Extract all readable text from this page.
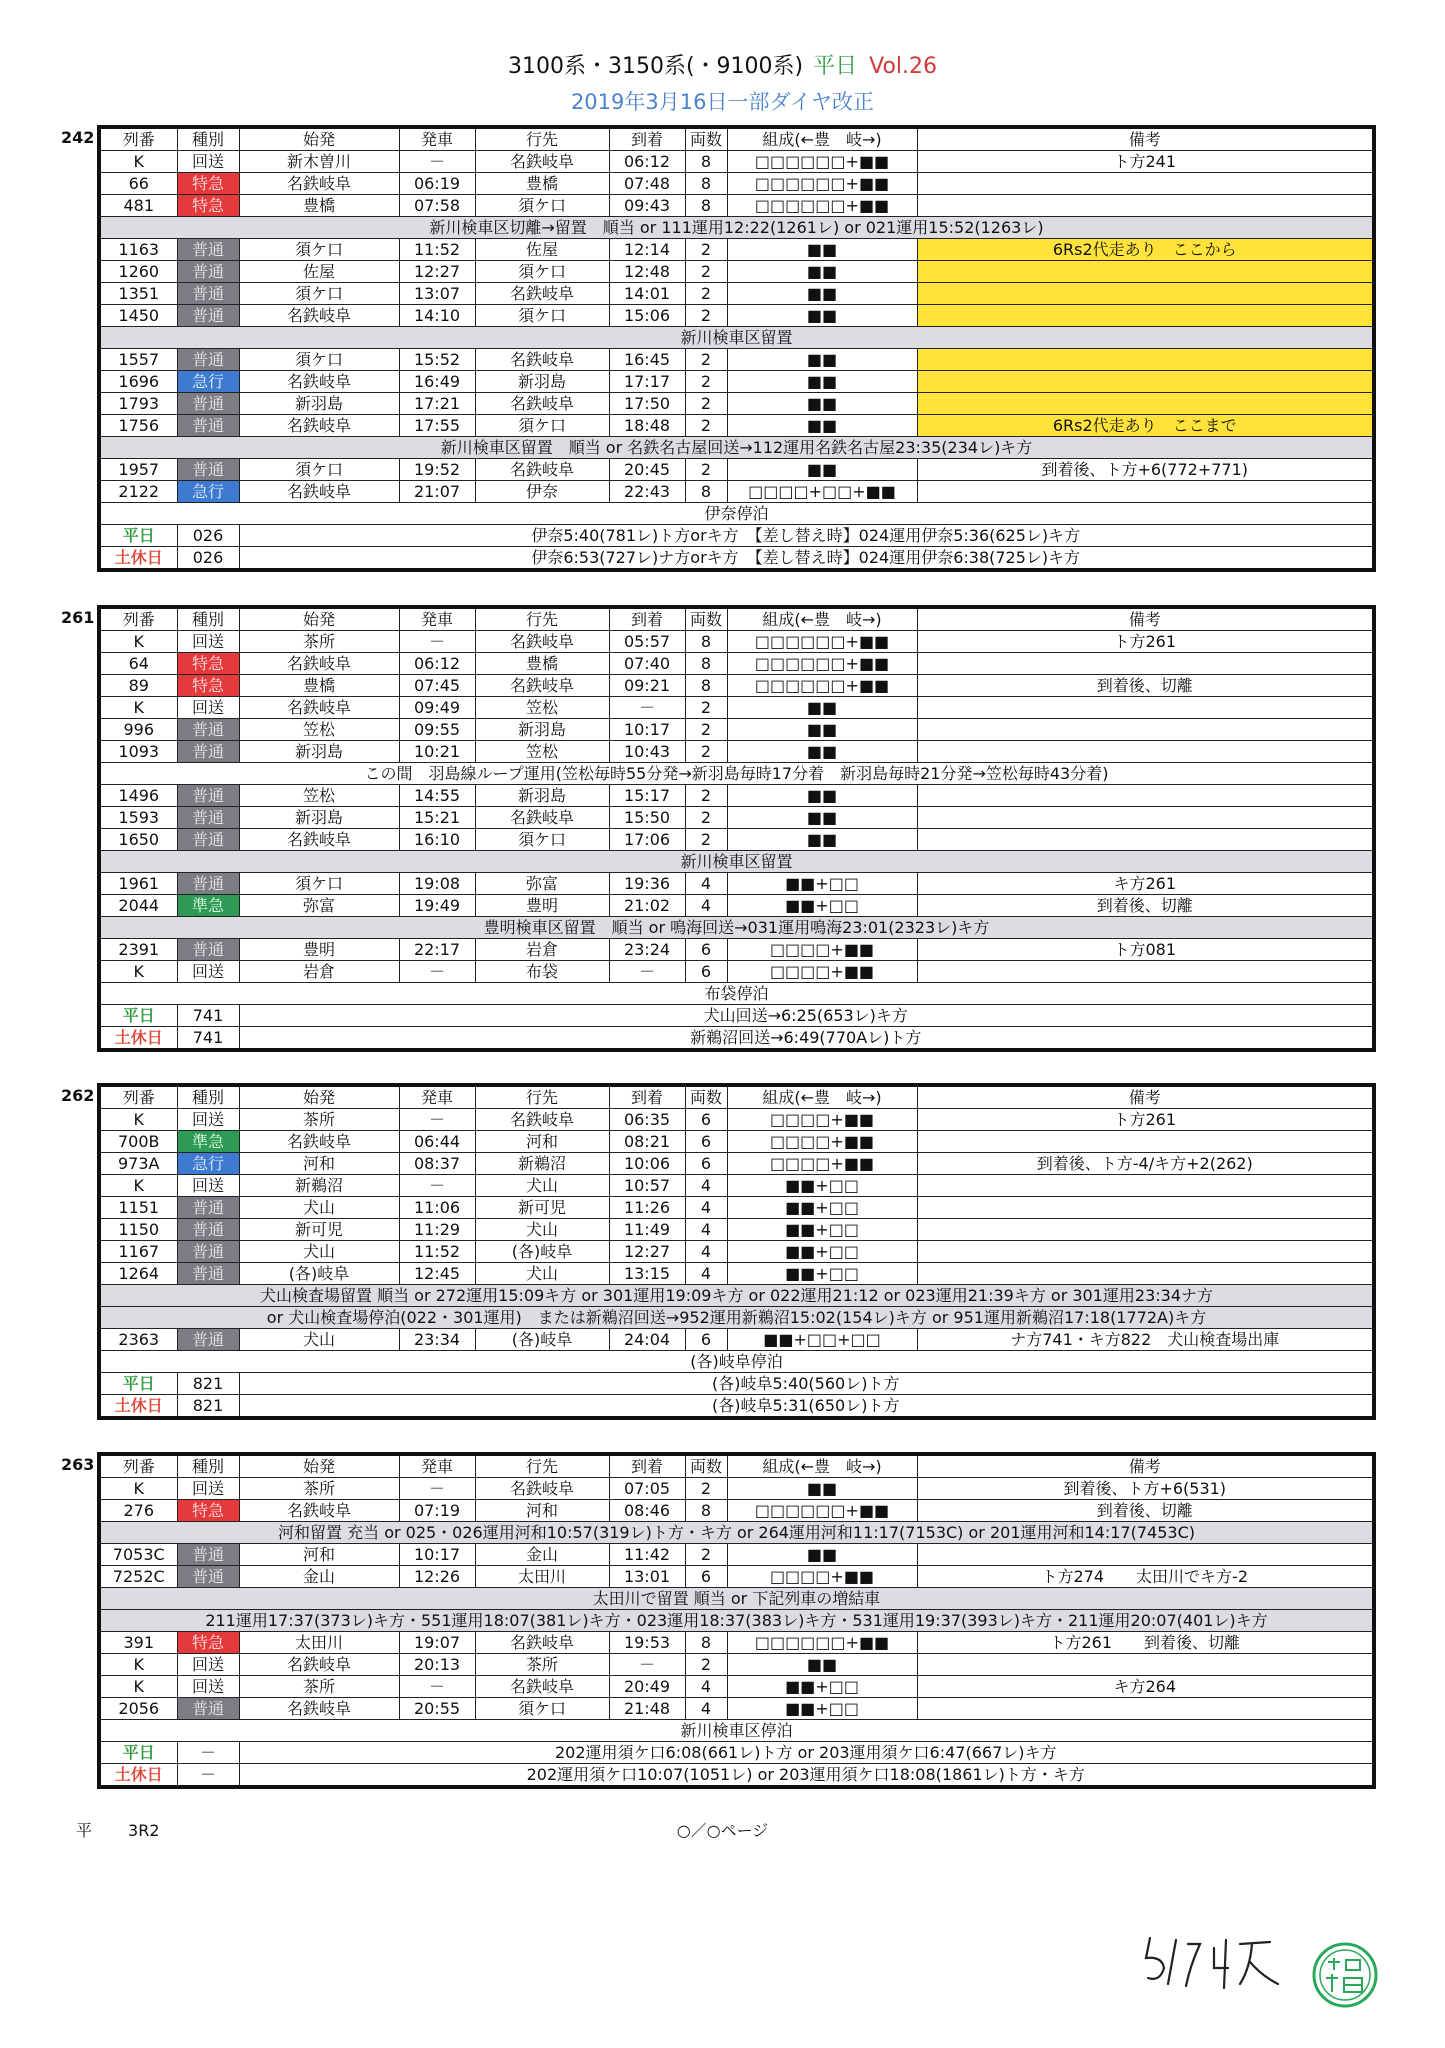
3100系・3150系(・9100系) 平日 Vol.26
2019年3月16日一部ダイヤ改正
242 列番	種別	始発	発車	行先	到着	両数	組成(←豊　岐→)	備考
K	回送	新木曽川	－	名鉄岐阜	06:12	8	□□□□□□+■■	ト方241
66	特急	名鉄岐阜	06:19	豊橋	07:48	8	□□□□□□+■■	
481	特急	豊橋	07:58	須ケ口	09:43	8	□□□□□□+■■	
新川検車区切離→留置　順当 or 111運用12:22(1261レ) or 021運用15:52(1263レ)								
1163	普通	須ケ口	11:52	佐屋	12:14	2	■■	6Rs2代走あり　ここから
1260	普通	佐屋	12:27	須ケ口	12:48	2	■■	
1351	普通	須ケ口	13:07	名鉄岐阜	14:01	2	■■	
1450	普通	名鉄岐阜	14:10	須ケ口	15:06	2	■■	
新川検車区留置								
1557	普通	須ケ口	15:52	名鉄岐阜	16:45	2	■■	
1696	急行	名鉄岐阜	16:49	新羽島	17:17	2	■■	
1793	普通	新羽島	17:21	名鉄岐阜	17:50	2	■■	
1756	普通	名鉄岐阜	17:55	須ケ口	18:48	2	■■	6Rs2代走あり　ここまで
新川検車区留置　順当 or 名鉄名古屋回送→112運用名鉄名古屋23:35(234レ)キ方								
1957	普通	須ケ口	19:52	名鉄岐阜	20:45	2	■■	到着後、ト方+6(772+771)
2122	急行	名鉄岐阜	21:07	伊奈	22:43	8	□□□□+□□+■■	
伊奈停泊								
平日	026	伊奈5:40(781レ)ト方orキ方　【差し替え時】024運用伊奈5:36(625レ)キ方						
土休日	026	伊奈6:53(727レ)ナ方orキ方　【差し替え時】024運用伊奈6:38(725レ)キ方						
261 列番	種別	始発	発車	行先	到着	両数	組成(←豊　岐→)	備考
K	回送	茶所	－	名鉄岐阜	05:57	8	□□□□□□+■■	ト方261
64	特急	名鉄岐阜	06:12	豊橋	07:40	8	□□□□□□+■■	
89	特急	豊橋	07:45	名鉄岐阜	09:21	8	□□□□□□+■■	到着後、切離
K	回送	名鉄岐阜	09:49	笠松	－	2	■■	
996	普通	笠松	09:55	新羽島	10:17	2	■■	
1093	普通	新羽島	10:21	笠松	10:43	2	■■	
この間　羽島線ループ運用(笠松毎時55分発→新羽島毎時17分着　新羽島毎時21分発→笠松毎時43分着)								
1496	普通	笠松	14:55	新羽島	15:17	2	■■	
1593	普通	新羽島	15:21	名鉄岐阜	15:50	2	■■	
1650	普通	名鉄岐阜	16:10	須ケ口	17:06	2	■■	
新川検車区留置								
1961	普通	須ケ口	19:08	弥富	19:36	4	■■+□□	キ方261
2044	準急	弥富	19:49	豊明	21:02	4	■■+□□	到着後、切離
豊明検車区留置　順当 or 鳴海回送→031運用鳴海23:01(2323レ)キ方								
2391	普通	豊明	22:17	岩倉	23:24	6	□□□□+■■	ト方081
K	回送	岩倉	－	布袋	－	6	□□□□+■■	
布袋停泊								
平日	741	犬山回送→6:25(653レ)キ方						
土休日	741	新鵜沼回送→6:49(770Aレ)ト方						
262 列番	種別	始発	発車	行先	到着	両数	組成(←豊　岐→)	備考
K	回送	茶所	－	名鉄岐阜	06:35	6	□□□□+■■	ト方261
700B	準急	名鉄岐阜	06:44	河和	08:21	6	□□□□+■■	
973A	急行	河和	08:37	新鵜沼	10:06	6	□□□□+■■	到着後、ト方-4/キ方+2(262)
K	回送	新鵜沼	－	犬山	10:57	4	■■+□□	
1151	普通	犬山	11:06	新可児	11:26	4	■■+□□	
1150	普通	新可児	11:29	犬山	11:49	4	■■+□□	
1167	普通	犬山	11:52	(各)岐阜	12:27	4	■■+□□	
1264	普通	(各)岐阜	12:45	犬山	13:15	4	■■+□□	
犬山検査場留置 順当 or 272運用15:09キ方 or 301運用19:09キ方 or 022運用21:12 or 023運用21:39キ方 or 301運用23:34ナ方								
or 犬山検査場停泊(022・301運用)　または新鵜沼回送→952運用新鵜沼15:02(154レ)キ方 or 951運用新鵜沼17:18(1772A)キ方								
2363	普通	犬山	23:34	(各)岐阜	24:04	6	■■+□□+□□	ナ方741・キ方822　犬山検査場出庫
(各)岐阜停泊								
平日	821	(各)岐阜5:40(560レ)ト方						
土休日	821	(各)岐阜5:31(650レ)ト方						
263 列番	種別	始発	発車	行先	到着	両数	組成(←豊　岐→)	備考
K	回送	茶所	－	名鉄岐阜	07:05	2	■■	到着後、ト方+6(531)
276	特急	名鉄岐阜	07:19	河和	08:46	8	□□□□□□+■■	到着後、切離
河和留置 充当 or 025・026運用河和10:57(319レ)ト方・キ方 or 264運用河和11:17(7153C) or 201運用河和14:17(7453C)								
7053C	普通	河和	10:17	金山	11:42	2	■■	
7252C	普通	金山	12:26	太田川	13:01	6	□□□□+■■	ト方274　　太田川でキ方-2
太田川で留置 順当 or 下記列車の増結車								
211運用17:37(373レ)キ方・551運用18:07(381レ)キ方・023運用18:37(383レ)キ方・531運用19:37(393レ)キ方・211運用20:07(401レ)キ方								
391	特急	太田川	19:07	名鉄岐阜	19:53	8	□□□□□□+■■	ト方261　　到着後、切離
K	回送	名鉄岐阜	20:13	茶所	－	2	■■	
K	回送	茶所	－	名鉄岐阜	20:49	4	■■+□□	キ方264
2056	普通	名鉄岐阜	20:55	須ケ口	21:48	4	■■+□□	
新川検車区停泊								
平日	－	202運用須ケ口6:08(661レ)ト方 or 203運用須ケ口6:47(667レ)キ方						
土休日	－	202運用須ケ口10:07(1051レ) or 203運用須ケ口18:08(1861レ)ト方・キ方						
平 3R2	○／○ページ
